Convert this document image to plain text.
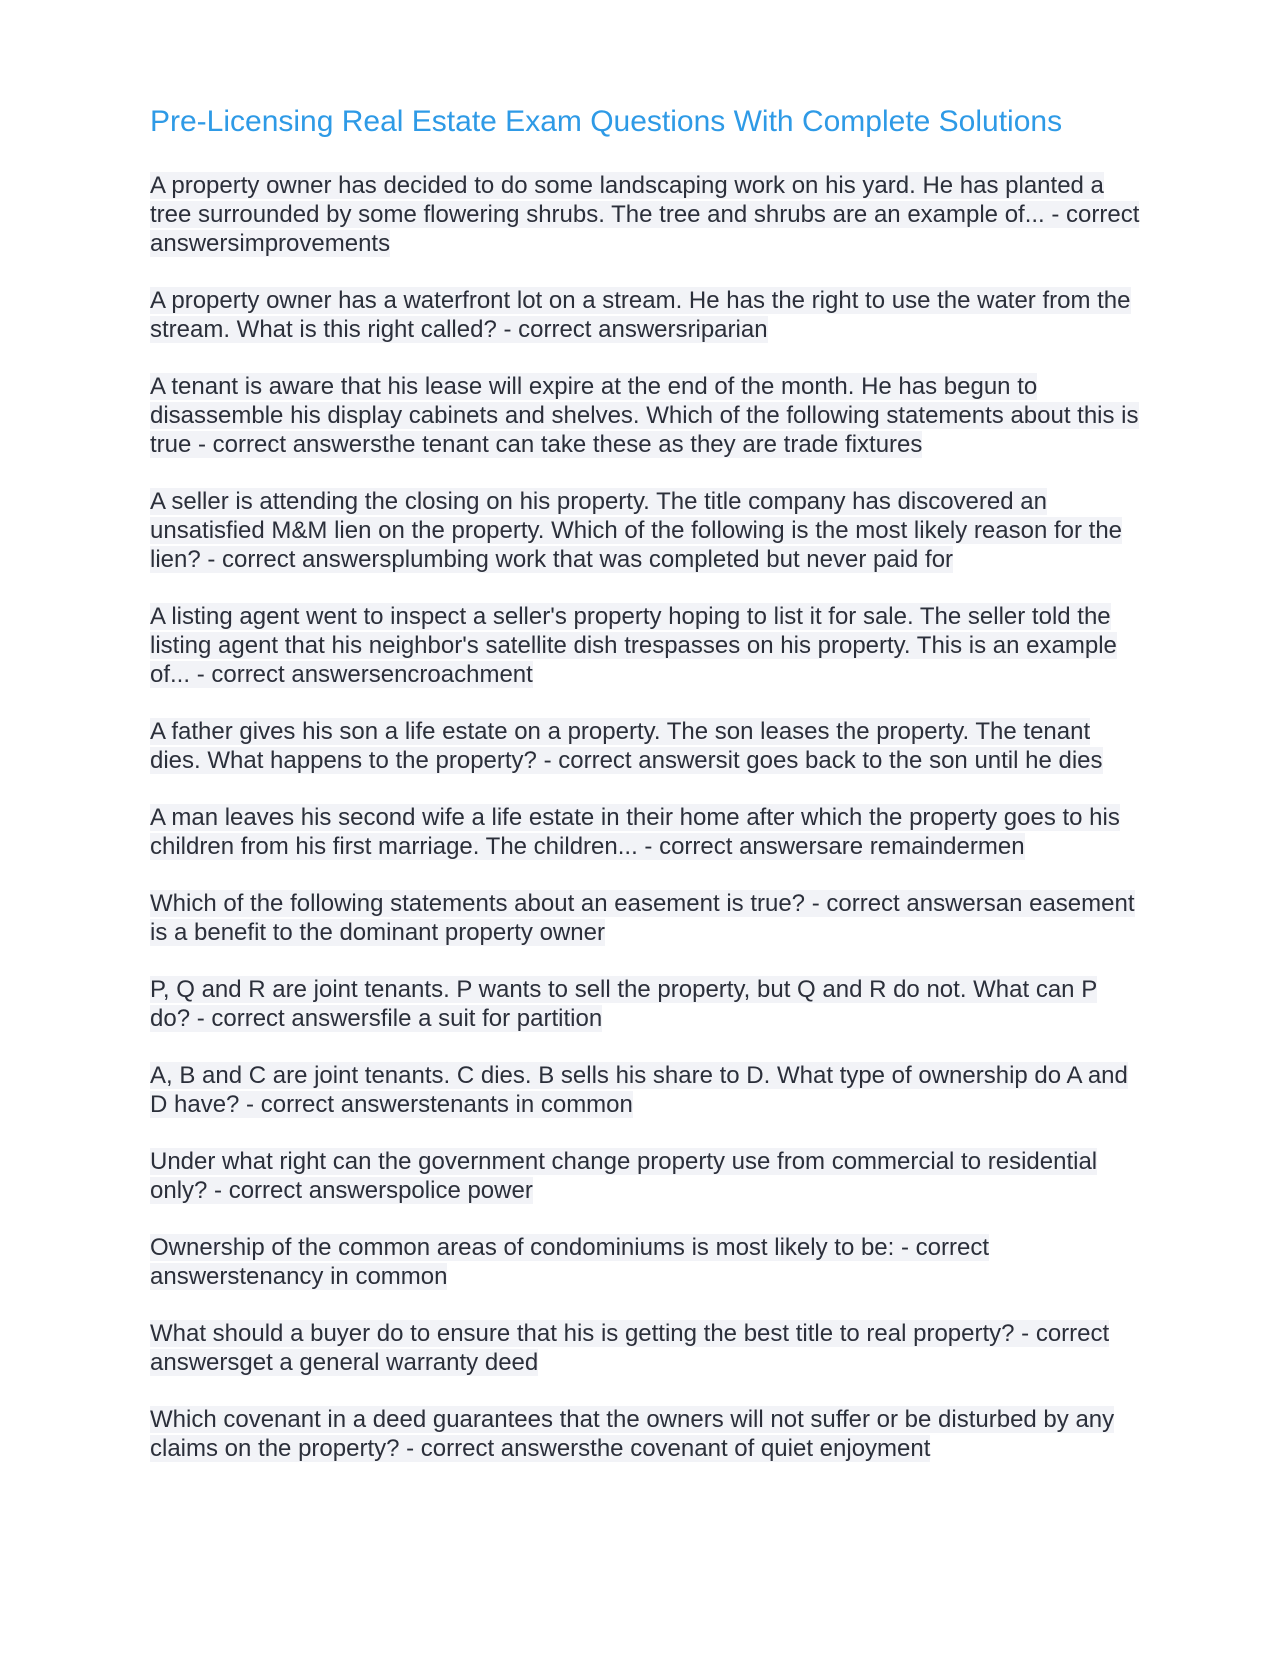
Pre-Licensing Real Estate Exam Questions With Complete Solutions
A property owner has decided to do some landscaping work on his yard. He has planted a tree surrounded by some flowering shrubs. The tree and shrubs are an example of... - correct answersimprovements
A property owner has a waterfront lot on a stream. He has the right to use the water from the stream. What is this right called? - correct answersriparian
A tenant is aware that his lease will expire at the end of the month. He has begun to disassemble his display cabinets and shelves. Which of the following statements about this is true - correct answersthe tenant can take these as they are trade fixtures
A seller is attending the closing on his property. The title company has discovered an unsatisfied M&M lien on the property. Which of the following is the most likely reason for the lien? - correct answersplumbing work that was completed but never paid for
A listing agent went to inspect a seller's property hoping to list it for sale. The seller told the listing agent that his neighbor's satellite dish trespasses on his property. This is an example of... - correct answersencroachment
A father gives his son a life estate on a property. The son leases the property. The tenant dies. What happens to the property? - correct answersit goes back to the son until he dies
A man leaves his second wife a life estate in their home after which the property goes to his children from his first marriage. The children... - correct answersare remaindermen
Which of the following statements about an easement is true? - correct answersan easement is a benefit to the dominant property owner
P, Q and R are joint tenants. P wants to sell the property, but Q and R do not. What can P do? - correct answersfile a suit for partition
A, B and C are joint tenants. C dies. B sells his share to D. What type of ownership do A and D have? - correct answerstenants in common
Under what right can the government change property use from commercial to residential only? - correct answerspolice power
Ownership of the common areas of condominiums is most likely to be: - correct answerstenancy in common
What should a buyer do to ensure that his is getting the best title to real property? - correct answersget a general warranty deed
Which covenant in a deed guarantees that the owners will not suffer or be disturbed by any claims on the property? - correct answersthe covenant of quiet enjoyment
